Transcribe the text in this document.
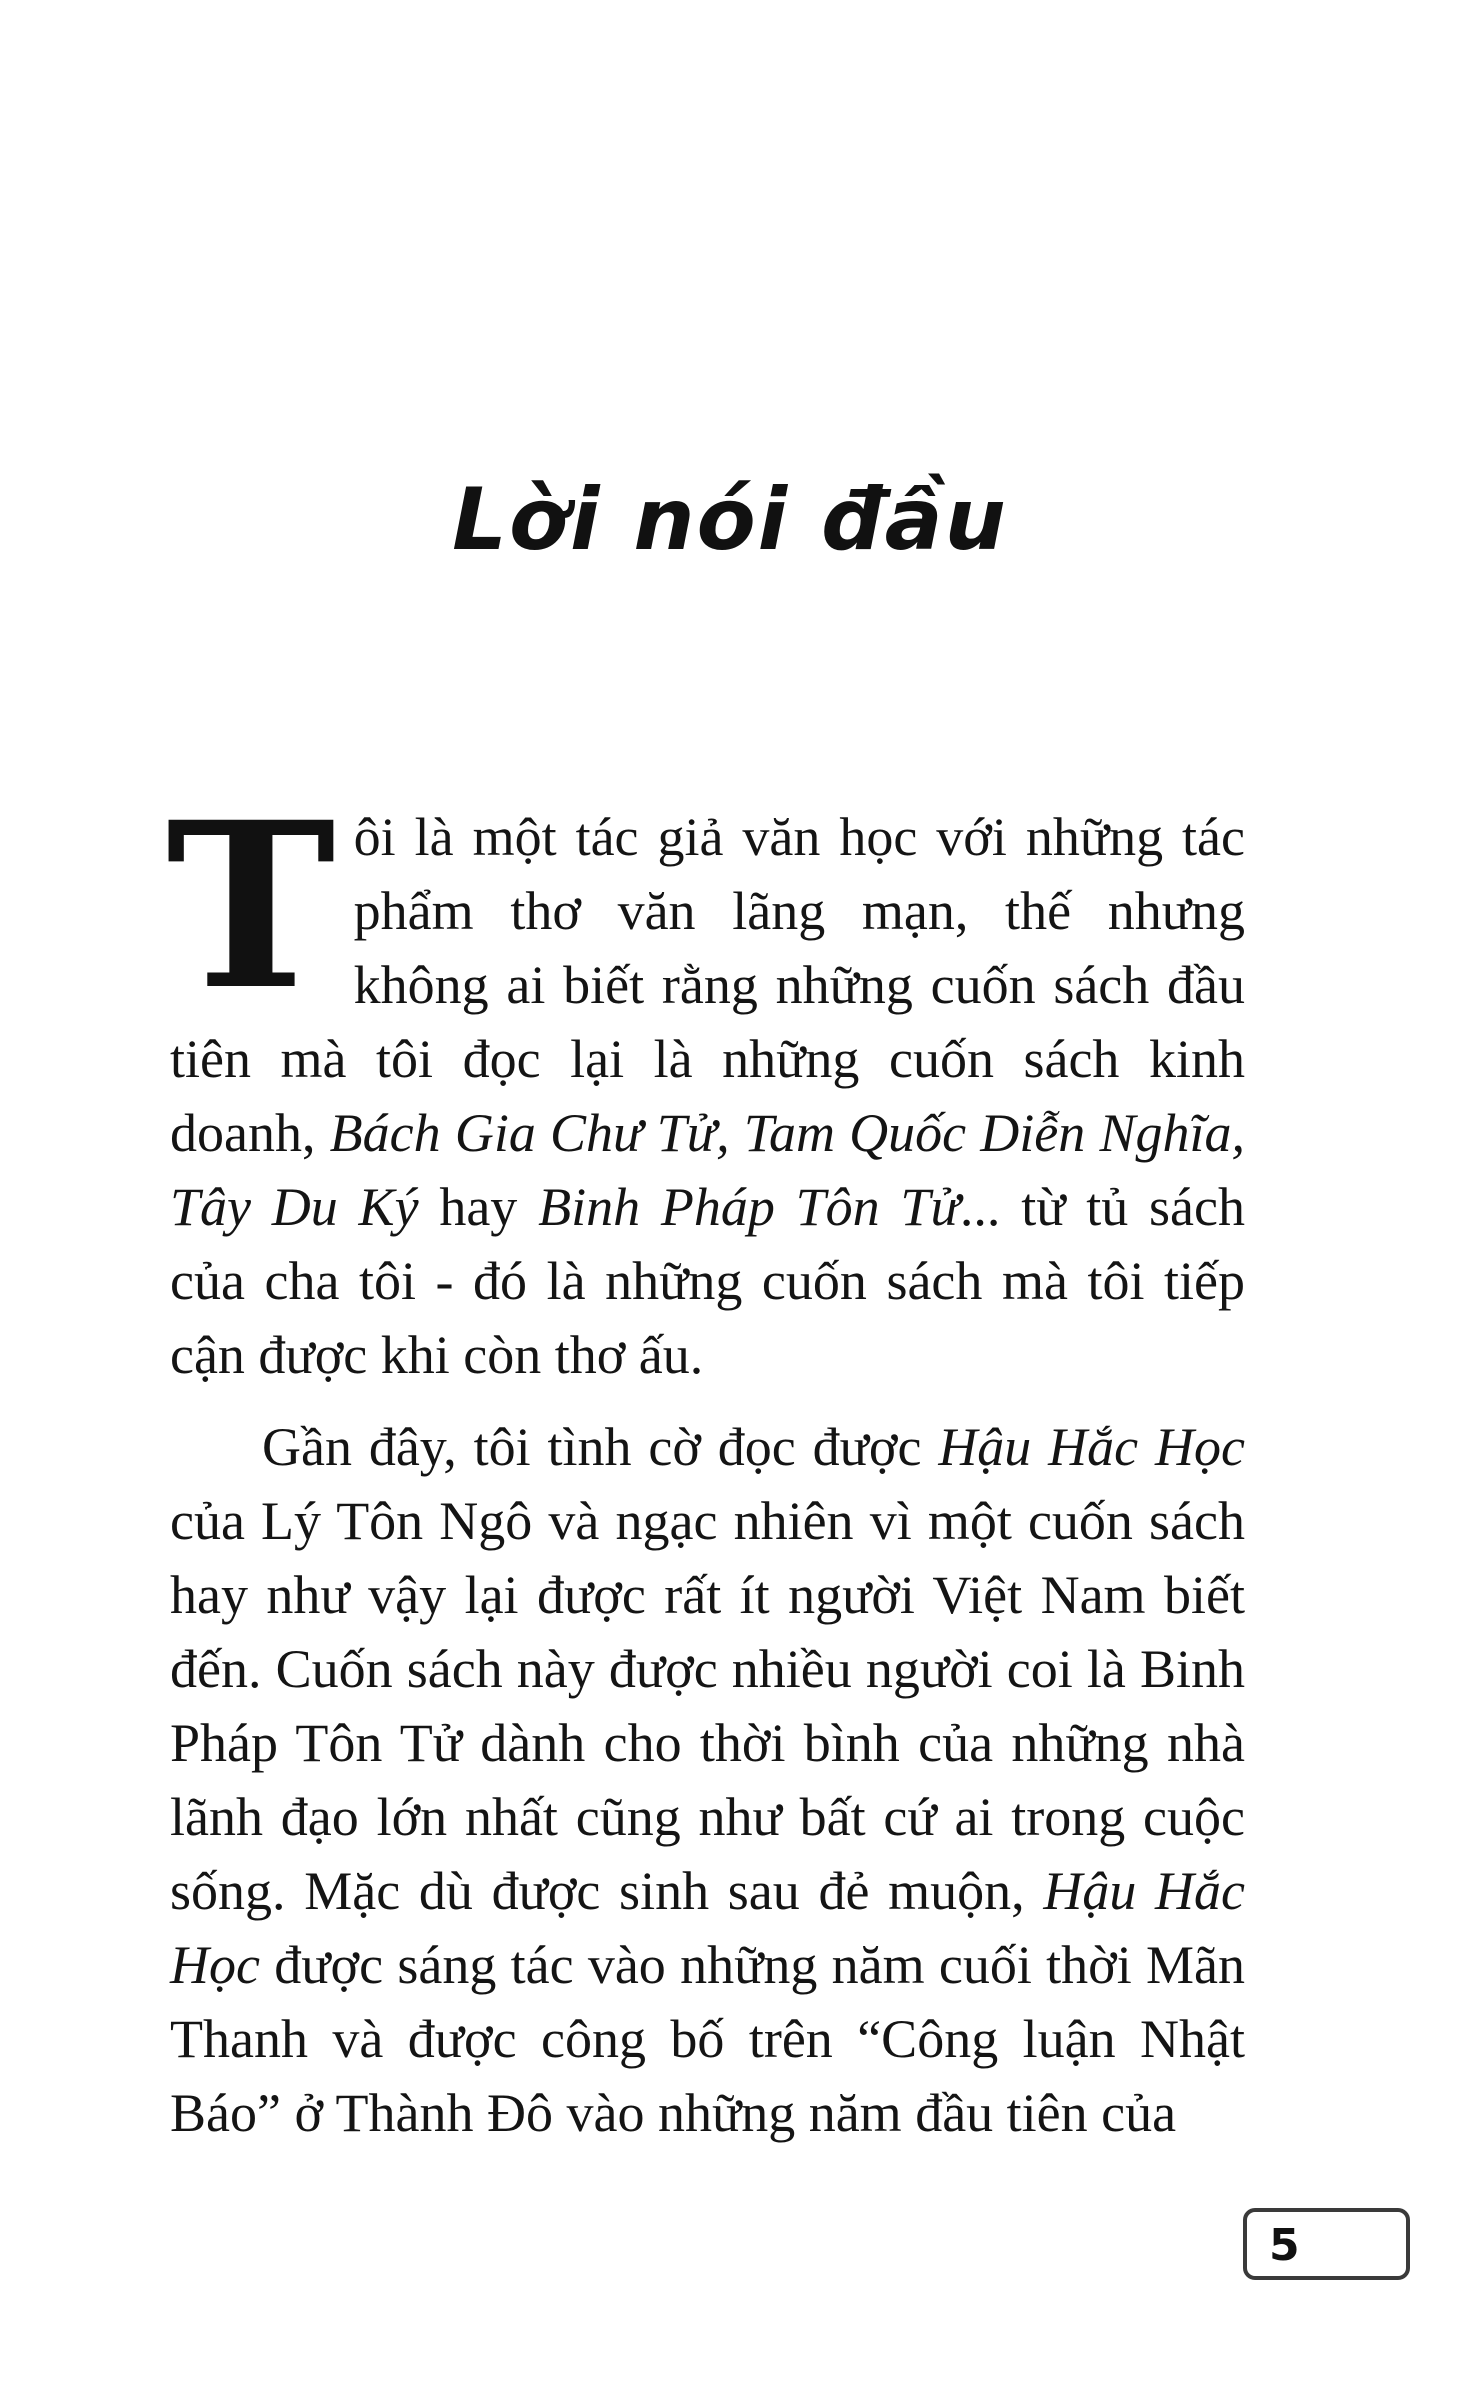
Lời nói đầu

Tôi là một tác giả văn học với những tác phẩm thơ văn lãng mạn, thế nhưng không ai biết rằng những cuốn sách đầu tiên mà tôi đọc lại là những cuốn sách kinh doanh, Bách Gia Chư Tử, Tam Quốc Diễn Nghĩa, Tây Du Ký hay Binh Pháp Tôn Tử... từ tủ sách của cha tôi - đó là những cuốn sách mà tôi tiếp cận được khi còn thơ ấu.

Gần đây, tôi tình cờ đọc được Hậu Hắc Học của Lý Tôn Ngô và ngạc nhiên vì một cuốn sách hay như vậy lại được rất ít người Việt Nam biết đến. Cuốn sách này được nhiều người coi là Binh Pháp Tôn Tử dành cho thời bình của những nhà lãnh đạo lớn nhất cũng như bất cứ ai trong cuộc sống. Mặc dù được sinh sau đẻ muộn, Hậu Hắc Học được sáng tác vào những năm cuối thời Mãn Thanh và được công bố trên “Công luận Nhật Báo” ở Thành Đô vào những năm đầu tiên của

5
